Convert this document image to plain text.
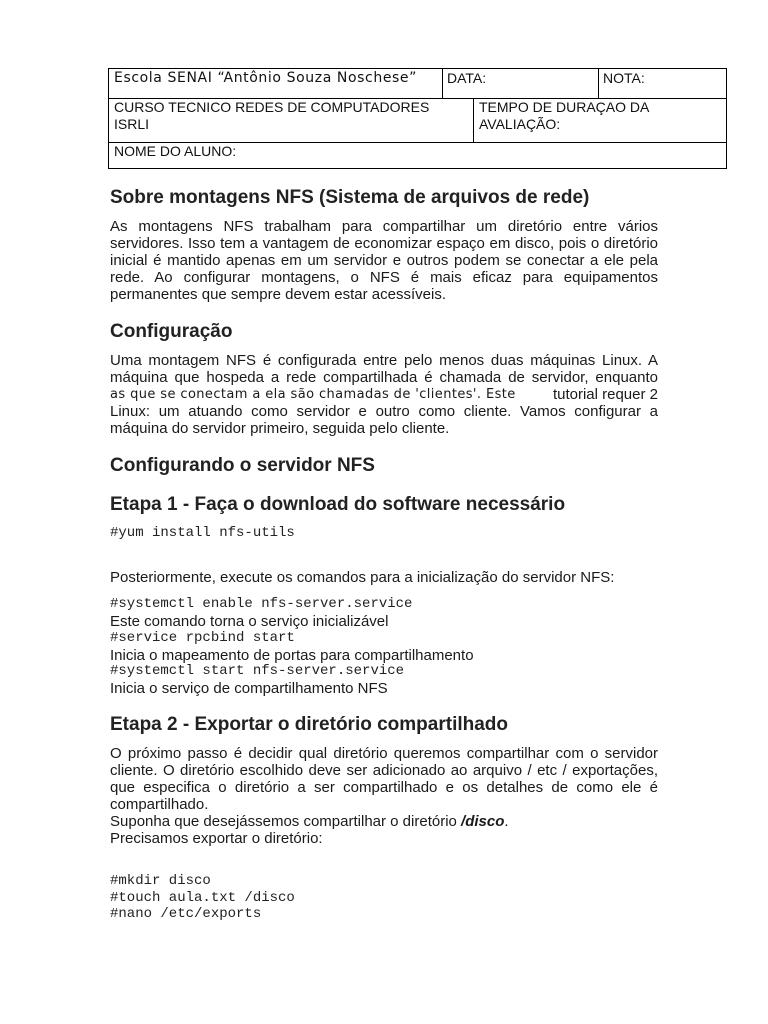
Escola SENAI “Antônio Souza Noschese” DATA:	NOTA:
CURSO TECNICO REDES DE COMPUTADORES
ISRLI
TEMPO DE DURAÇAO DA
AVALIAÇÃO:
NOME DO ALUNO:
Sobre montagens NFS (Sistema de arquivos de rede)
As montagens NFS trabalham para compartilhar um diretório entre vários
servidores. Isso tem a vantagem de economizar espaço em disco, pois o diretório
inicial é mantido apenas em um servidor e outros podem se conectar a ele pela
rede. Ao configurar montagens, o NFS é mais eficaz para equipamentos
permanentes que sempre devem estar acessíveis.
Configuração
Uma montagem NFS é configurada entre pelo menos duas máquinas Linux. A
máquina que hospeda a rede compartilhada é chamada de servidor, enquanto
as que se conectam a ela são chamadas de 'clientes'. Este tutorial requer 2
Linux: um atuando como servidor e outro como cliente. Vamos configurar a
máquina do servidor primeiro, seguida pelo cliente.
Configurando o servidor NFS
Etapa 1 - Faça o download do software necessário
#yum install nfs-utils
Posteriormente, execute os comandos para a inicialização do servidor NFS:
#systemctl enable nfs-server.service
Este comando torna o serviço inicializável
#service rpcbind start
Inicia o mapeamento de portas para compartilhamento
#systemctl start nfs-server.service
Inicia o serviço de compartilhamento NFS
Etapa 2 - Exportar o diretório compartilhado
O próximo passo é decidir qual diretório queremos compartilhar com o servidor
cliente. O diretório escolhido deve ser adicionado ao arquivo / etc / exportações,
que especifica o diretório a ser compartilhado e os detalhes de como ele é
compartilhado.
Suponha que desejássemos compartilhar o diretório /disco.
Precisamos exportar o diretório:
#mkdir disco
#touch aula.txt /disco
#nano /etc/exports
